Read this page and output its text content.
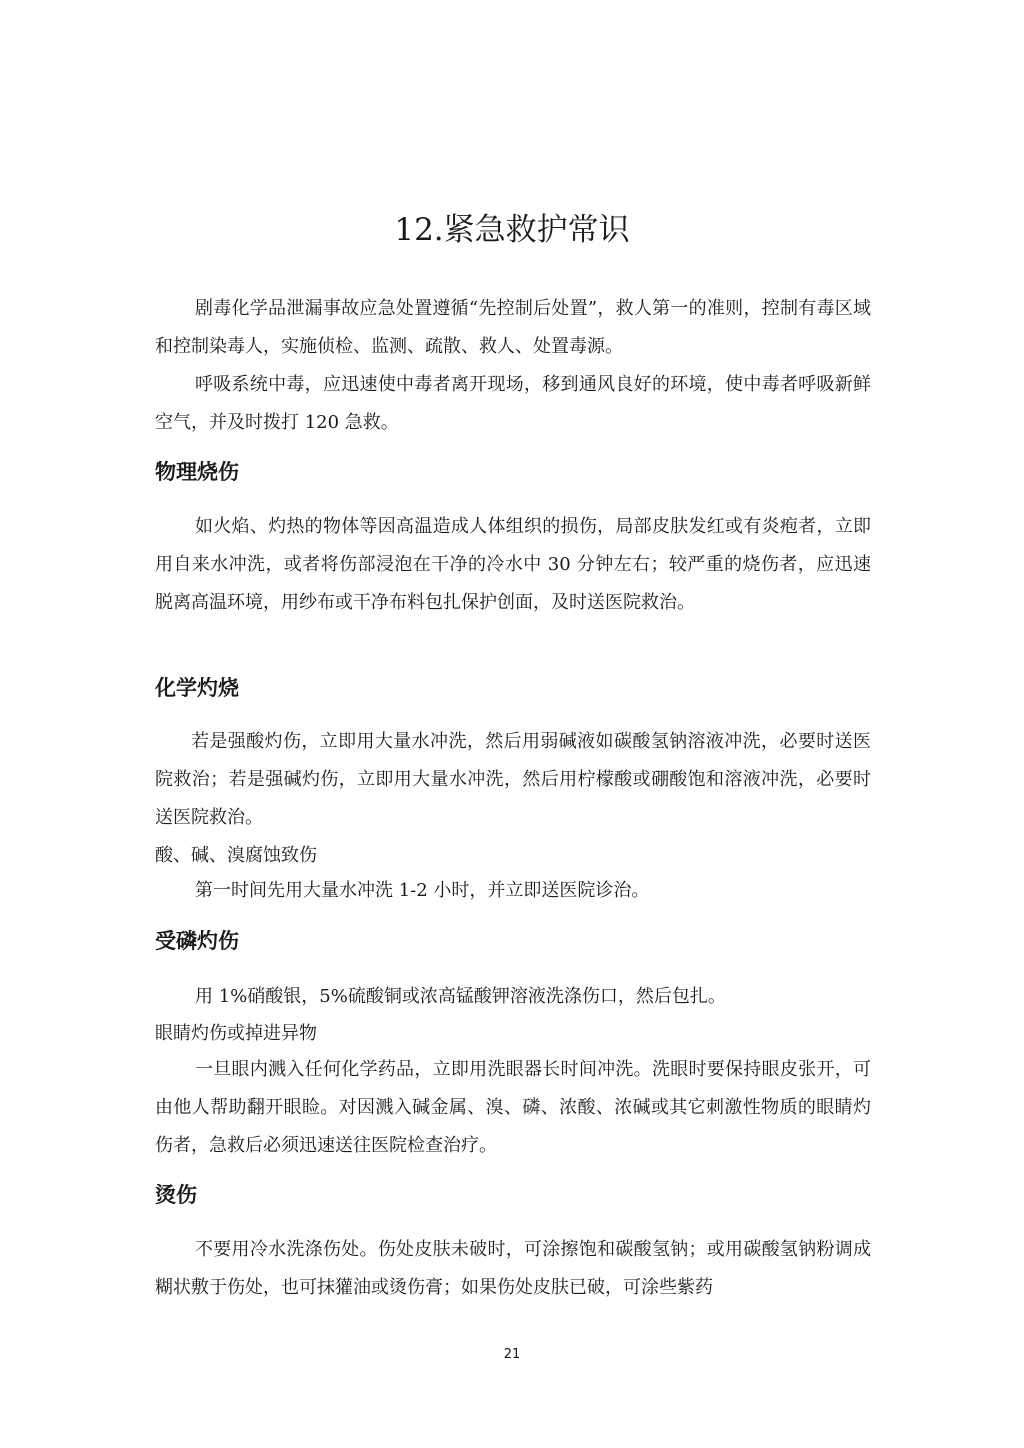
12.紧急救护常识
剧毒化学品泄漏事故应急处置遵循“先控制后处置”，救人第一的准则，控制有毒区域和控制染毒人，实施侦检、监测、疏散、救人、处置毒源。
呼吸系统中毒，应迅速使中毒者离开现场，移到通风良好的环境，使中毒者呼吸新鲜空气，并及时拨打 120 急救。
物理烧伤
如火焰、灼热的物体等因高温造成人体组织的损伤，局部皮肤发红或有炎疱者，立即用自来水冲洗，或者将伤部浸泡在干净的冷水中 30 分钟左右；较严重的烧伤者，应迅速脱离高温环境，用纱布或干净布料包扎保护创面，及时送医院救治。
化学灼烧
若是强酸灼伤，立即用大量水冲洗，然后用弱碱液如碳酸氢钠溶液冲洗，必要时送医院救治；若是强碱灼伤，立即用大量水冲洗，然后用柠檬酸或硼酸饱和溶液冲洗，必要时送医院救治。
酸、碱、溴腐蚀致伤
第一时间先用大量水冲洗 1-2 小时，并立即送医院诊治。
受磷灼伤
用 1%硝酸银，5%硫酸铜或浓高锰酸钾溶液洗涤伤口，然后包扎。
眼睛灼伤或掉进异物
一旦眼内溅入任何化学药品，立即用洗眼器长时间冲洗。洗眼时要保持眼皮张开，可由他人帮助翻开眼睑。对因溅入碱金属、溴、磷、浓酸、浓碱或其它刺激性物质的眼睛灼伤者，急救后必须迅速送往医院检查治疗。
烫伤
不要用冷水洗涤伤处。伤处皮肤未破时，可涂擦饱和碳酸氢钠；或用碳酸氢钠粉调成糊状敷于伤处，也可抹獾油或烫伤膏；如果伤处皮肤已破，可涂些紫药
21
